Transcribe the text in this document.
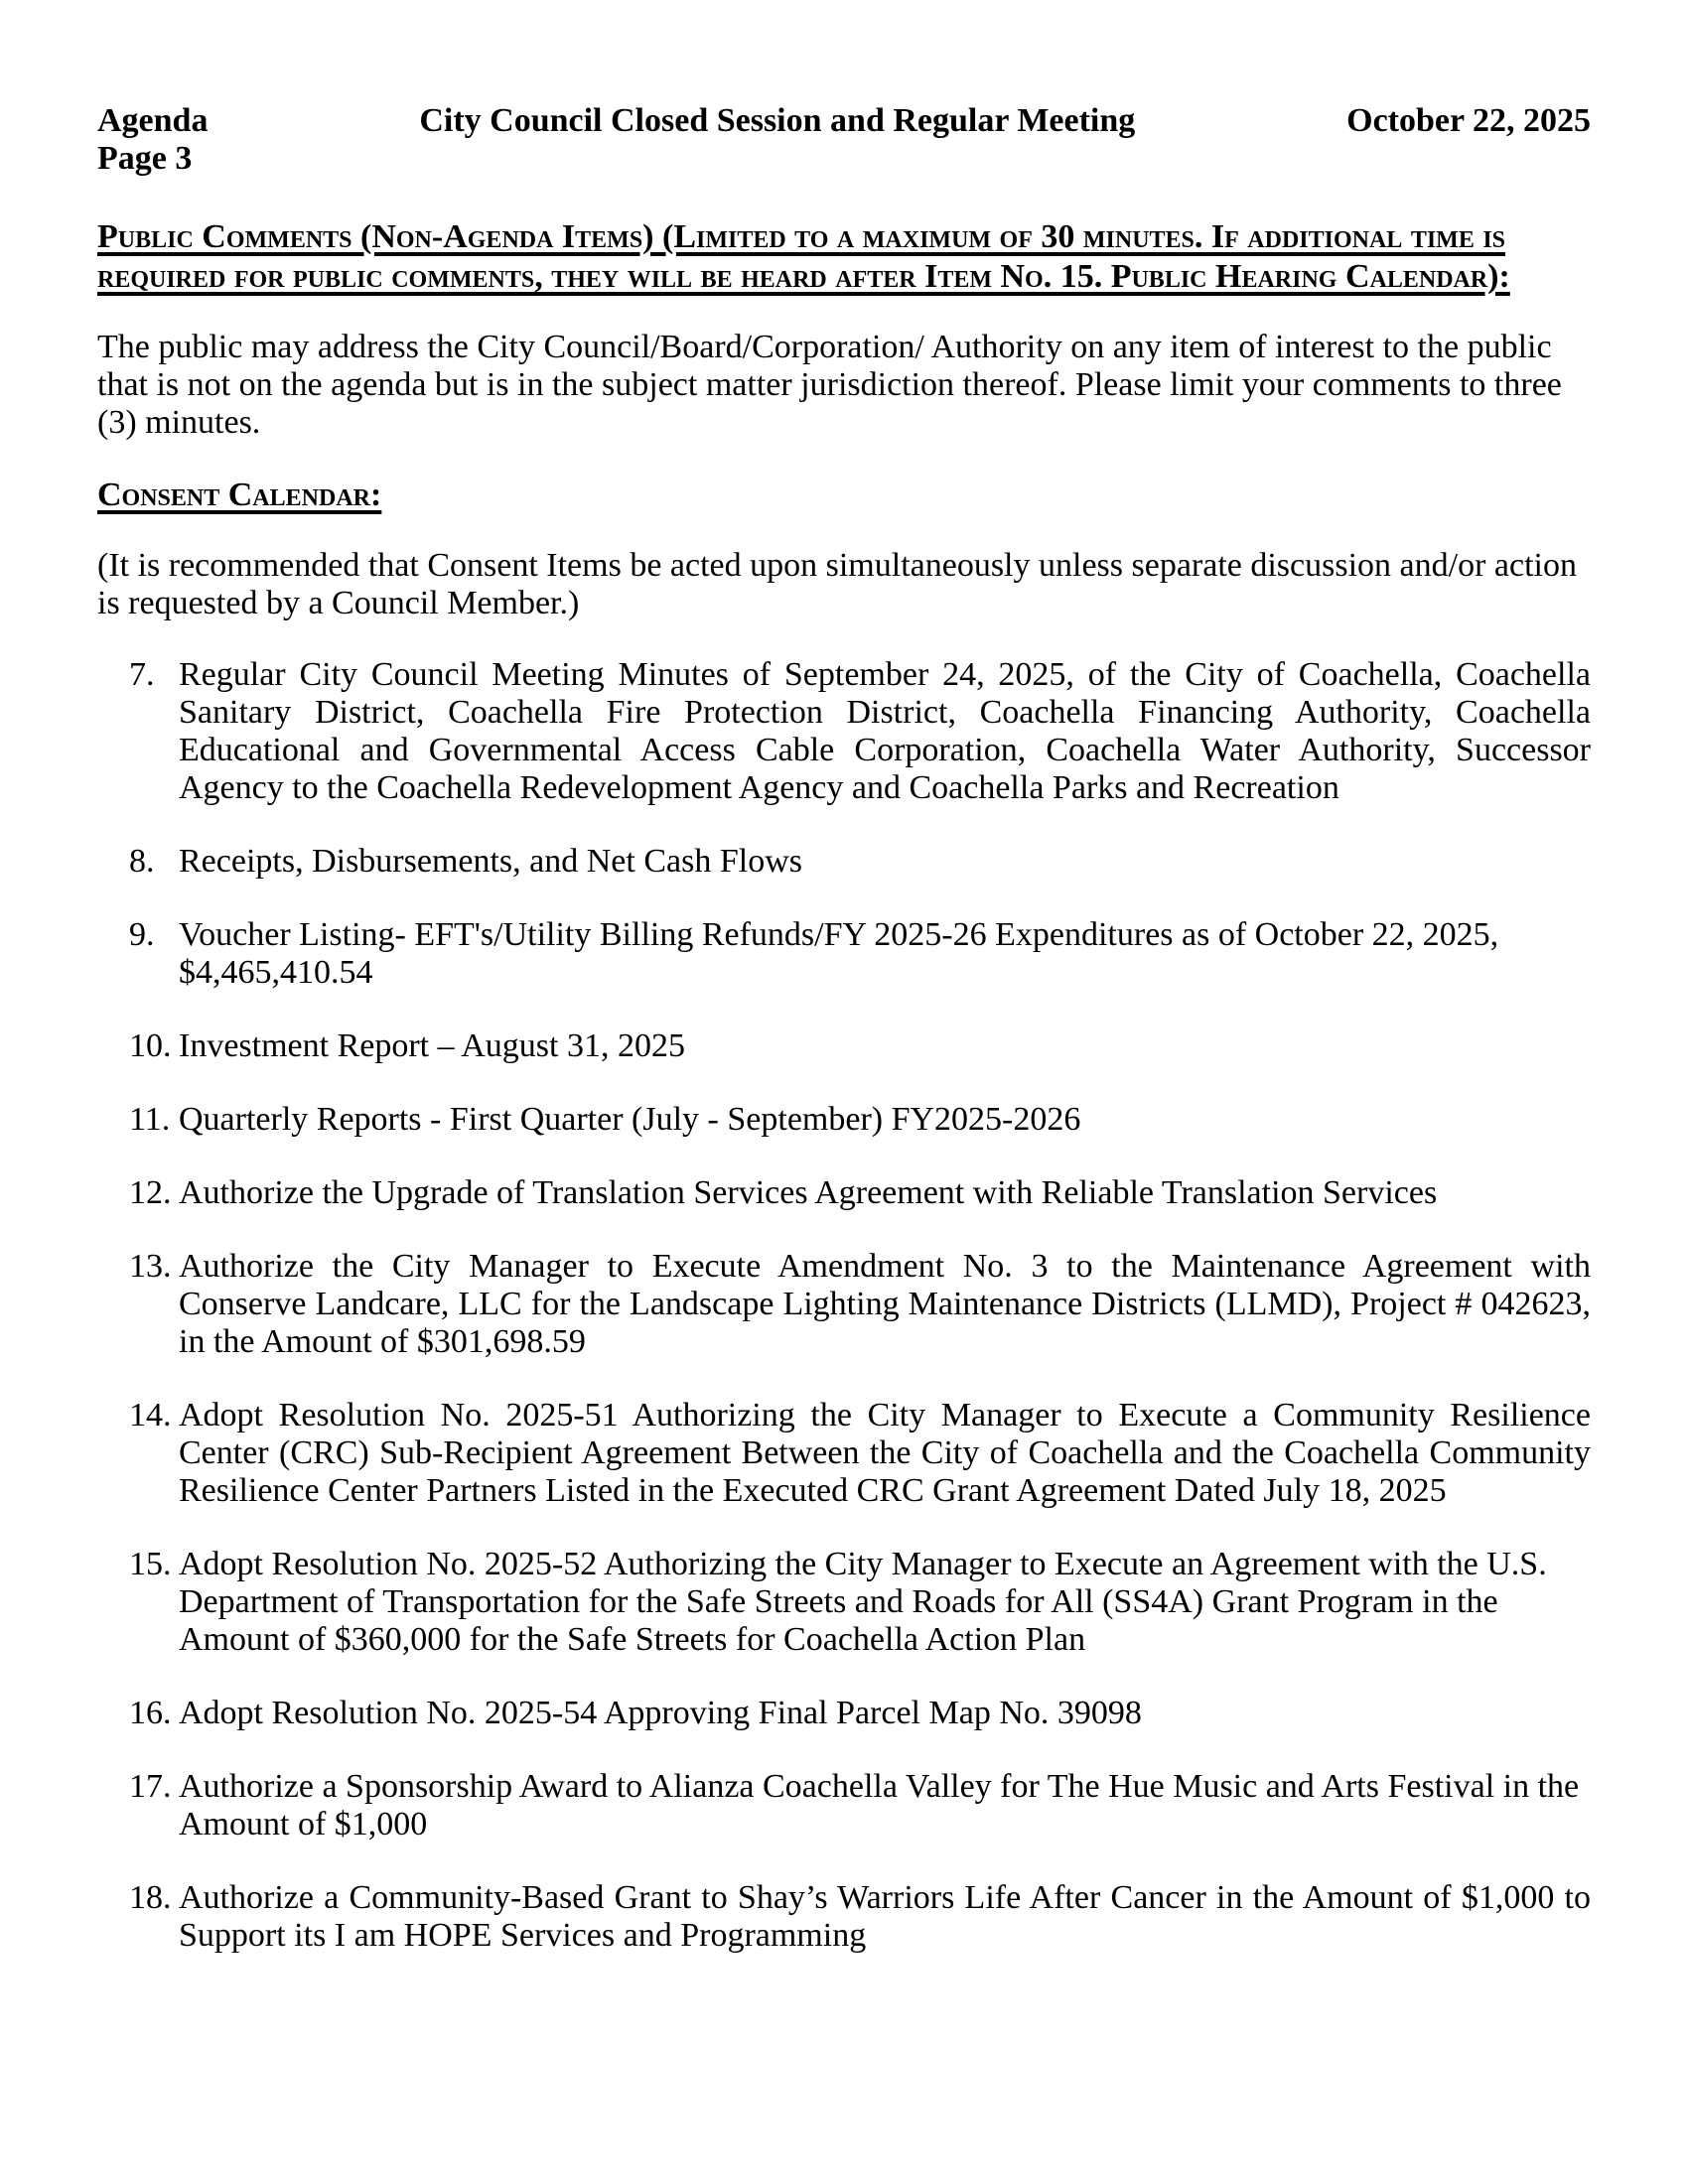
Agenda
Page 3
City Council Closed Session and Regular Meeting	October 22, 2025
Public Comments (Non-Agenda Items) (Limited to a maximum of 30 minutes. If additional time is required for public comments, they will be heard after Item No. 15. Public Hearing Calendar):

The public may address the City Council/Board/Corporation/ Authority on any item of interest to the public that is not on the agenda but is in the subject matter jurisdiction thereof. Please limit your comments to three (3) minutes.

Consent Calendar:

(It is recommended that Consent Items be acted upon simultaneously unless separate discussion and/or action is requested by a Council Member.)

7. Regular City Council Meeting Minutes of September 24, 2025, of the City of Coachella, Coachella Sanitary District, Coachella Fire Protection District, Coachella Financing Authority, Coachella Educational and Governmental Access Cable Corporation, Coachella Water Authority, Successor Agency to the Coachella Redevelopment Agency and Coachella Parks and Recreation
8. Receipts, Disbursements, and Net Cash Flows
9. Voucher Listing- EFT's/Utility Billing Refunds/FY 2025-26 Expenditures as of October 22, 2025, $4,465,410.54
10. Investment Report – August 31, 2025
11. Quarterly Reports - First Quarter (July - September) FY2025-2026
12. Authorize the Upgrade of Translation Services Agreement with Reliable Translation Services
13. Authorize the City Manager to Execute Amendment No. 3 to the Maintenance Agreement with Conserve Landcare, LLC for the Landscape Lighting Maintenance Districts (LLMD), Project # 042623, in the Amount of $301,698.59
14. Adopt Resolution No. 2025-51 Authorizing the City Manager to Execute a Community Resilience Center (CRC) Sub-Recipient Agreement Between the City of Coachella and the Coachella Community Resilience Center Partners Listed in the Executed CRC Grant Agreement Dated July 18, 2025
15. Adopt Resolution No. 2025-52 Authorizing the City Manager to Execute an Agreement with the U.S. Department of Transportation for the Safe Streets and Roads for All (SS4A) Grant Program in the Amount of $360,000 for the Safe Streets for Coachella Action Plan
16. Adopt Resolution No. 2025-54 Approving Final Parcel Map No. 39098
17. Authorize a Sponsorship Award to Alianza Coachella Valley for The Hue Music and Arts Festival in the Amount of $1,000
18. Authorize a Community-Based Grant to Shay’s Warriors Life After Cancer in the Amount of $1,000 to Support its I am HOPE Services and Programming
